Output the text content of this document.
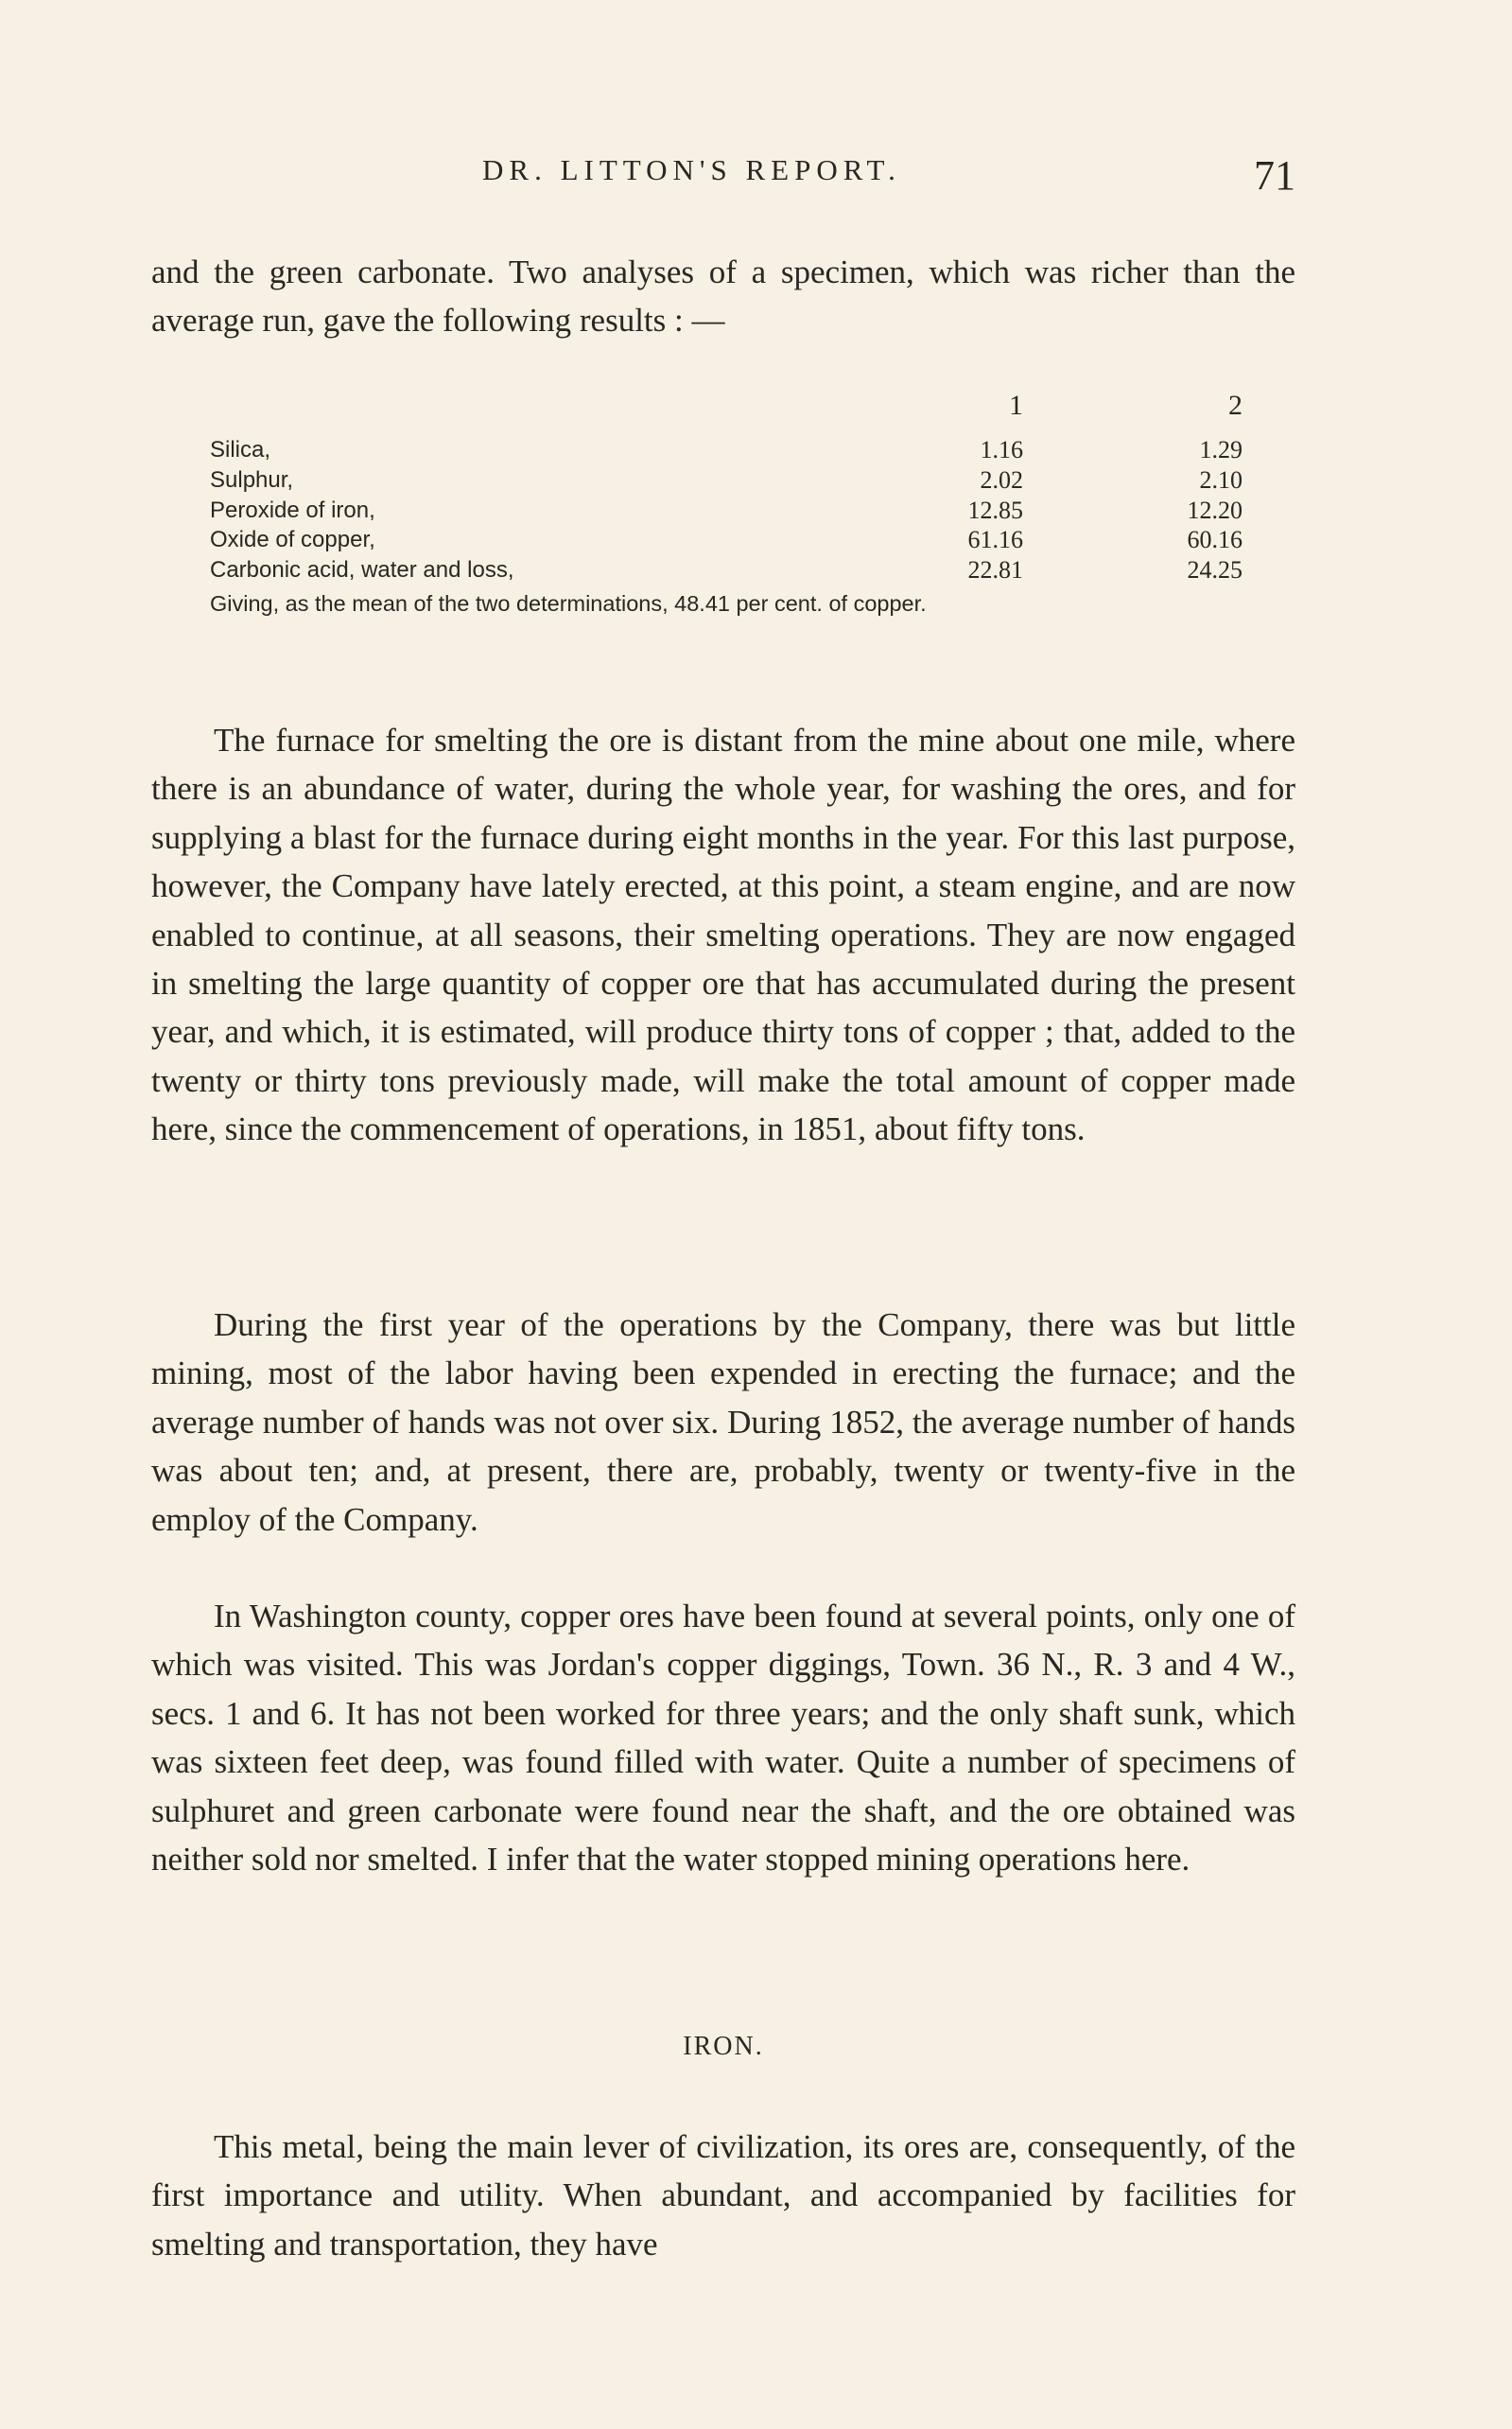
DR. LITTON'S REPORT.	71

and the green carbonate. Two analyses of a specimen, which was richer than the average run, gave the following results : —

1	2
Silica,	1.16	1.29
Sulphur,	2.02	2.10
Peroxide of iron,	12.85	12.20
Oxide of copper,	61.16	60.16
Carbonic acid, water and loss,	22.81	24.25
Giving, as the mean of the two determinations, 48.41 per cent. of copper.

The furnace for smelting the ore is distant from the mine about one mile, where there is an abundance of water, during the whole year, for washing the ores, and for supplying a blast for the furnace during eight months in the year. For this last purpose, however, the Company have lately erected, at this point, a steam engine, and are now enabled to continue, at all seasons, their smelting operations. They are now engaged in smelting the large quantity of copper ore that has accumulated during the present year, and which, it is estimated, will produce thirty tons of copper ; that, added to the twenty or thirty tons previously made, will make the total amount of copper made here, since the commencement of operations, in 1851, about fifty tons.

During the first year of the operations by the Company, there was but little mining, most of the labor having been expended in erecting the furnace; and the average number of hands was not over six. During 1852, the average number of hands was about ten; and, at present, there are, probably, twenty or twenty-five in the employ of the Company.

In Washington county, copper ores have been found at several points, only one of which was visited. This was Jordan's copper diggings, Town. 36 N., R. 3 and 4 W., secs. 1 and 6. It has not been worked for three years; and the only shaft sunk, which was sixteen feet deep, was found filled with water. Quite a number of specimens of sulphuret and green carbonate were found near the shaft, and the ore obtained was neither sold nor smelted. I infer that the water stopped mining operations here.

IRON.

This metal, being the main lever of civilization, its ores are, consequently, of the first importance and utility. When abundant, and accompanied by facilities for smelting and transportation, they have
